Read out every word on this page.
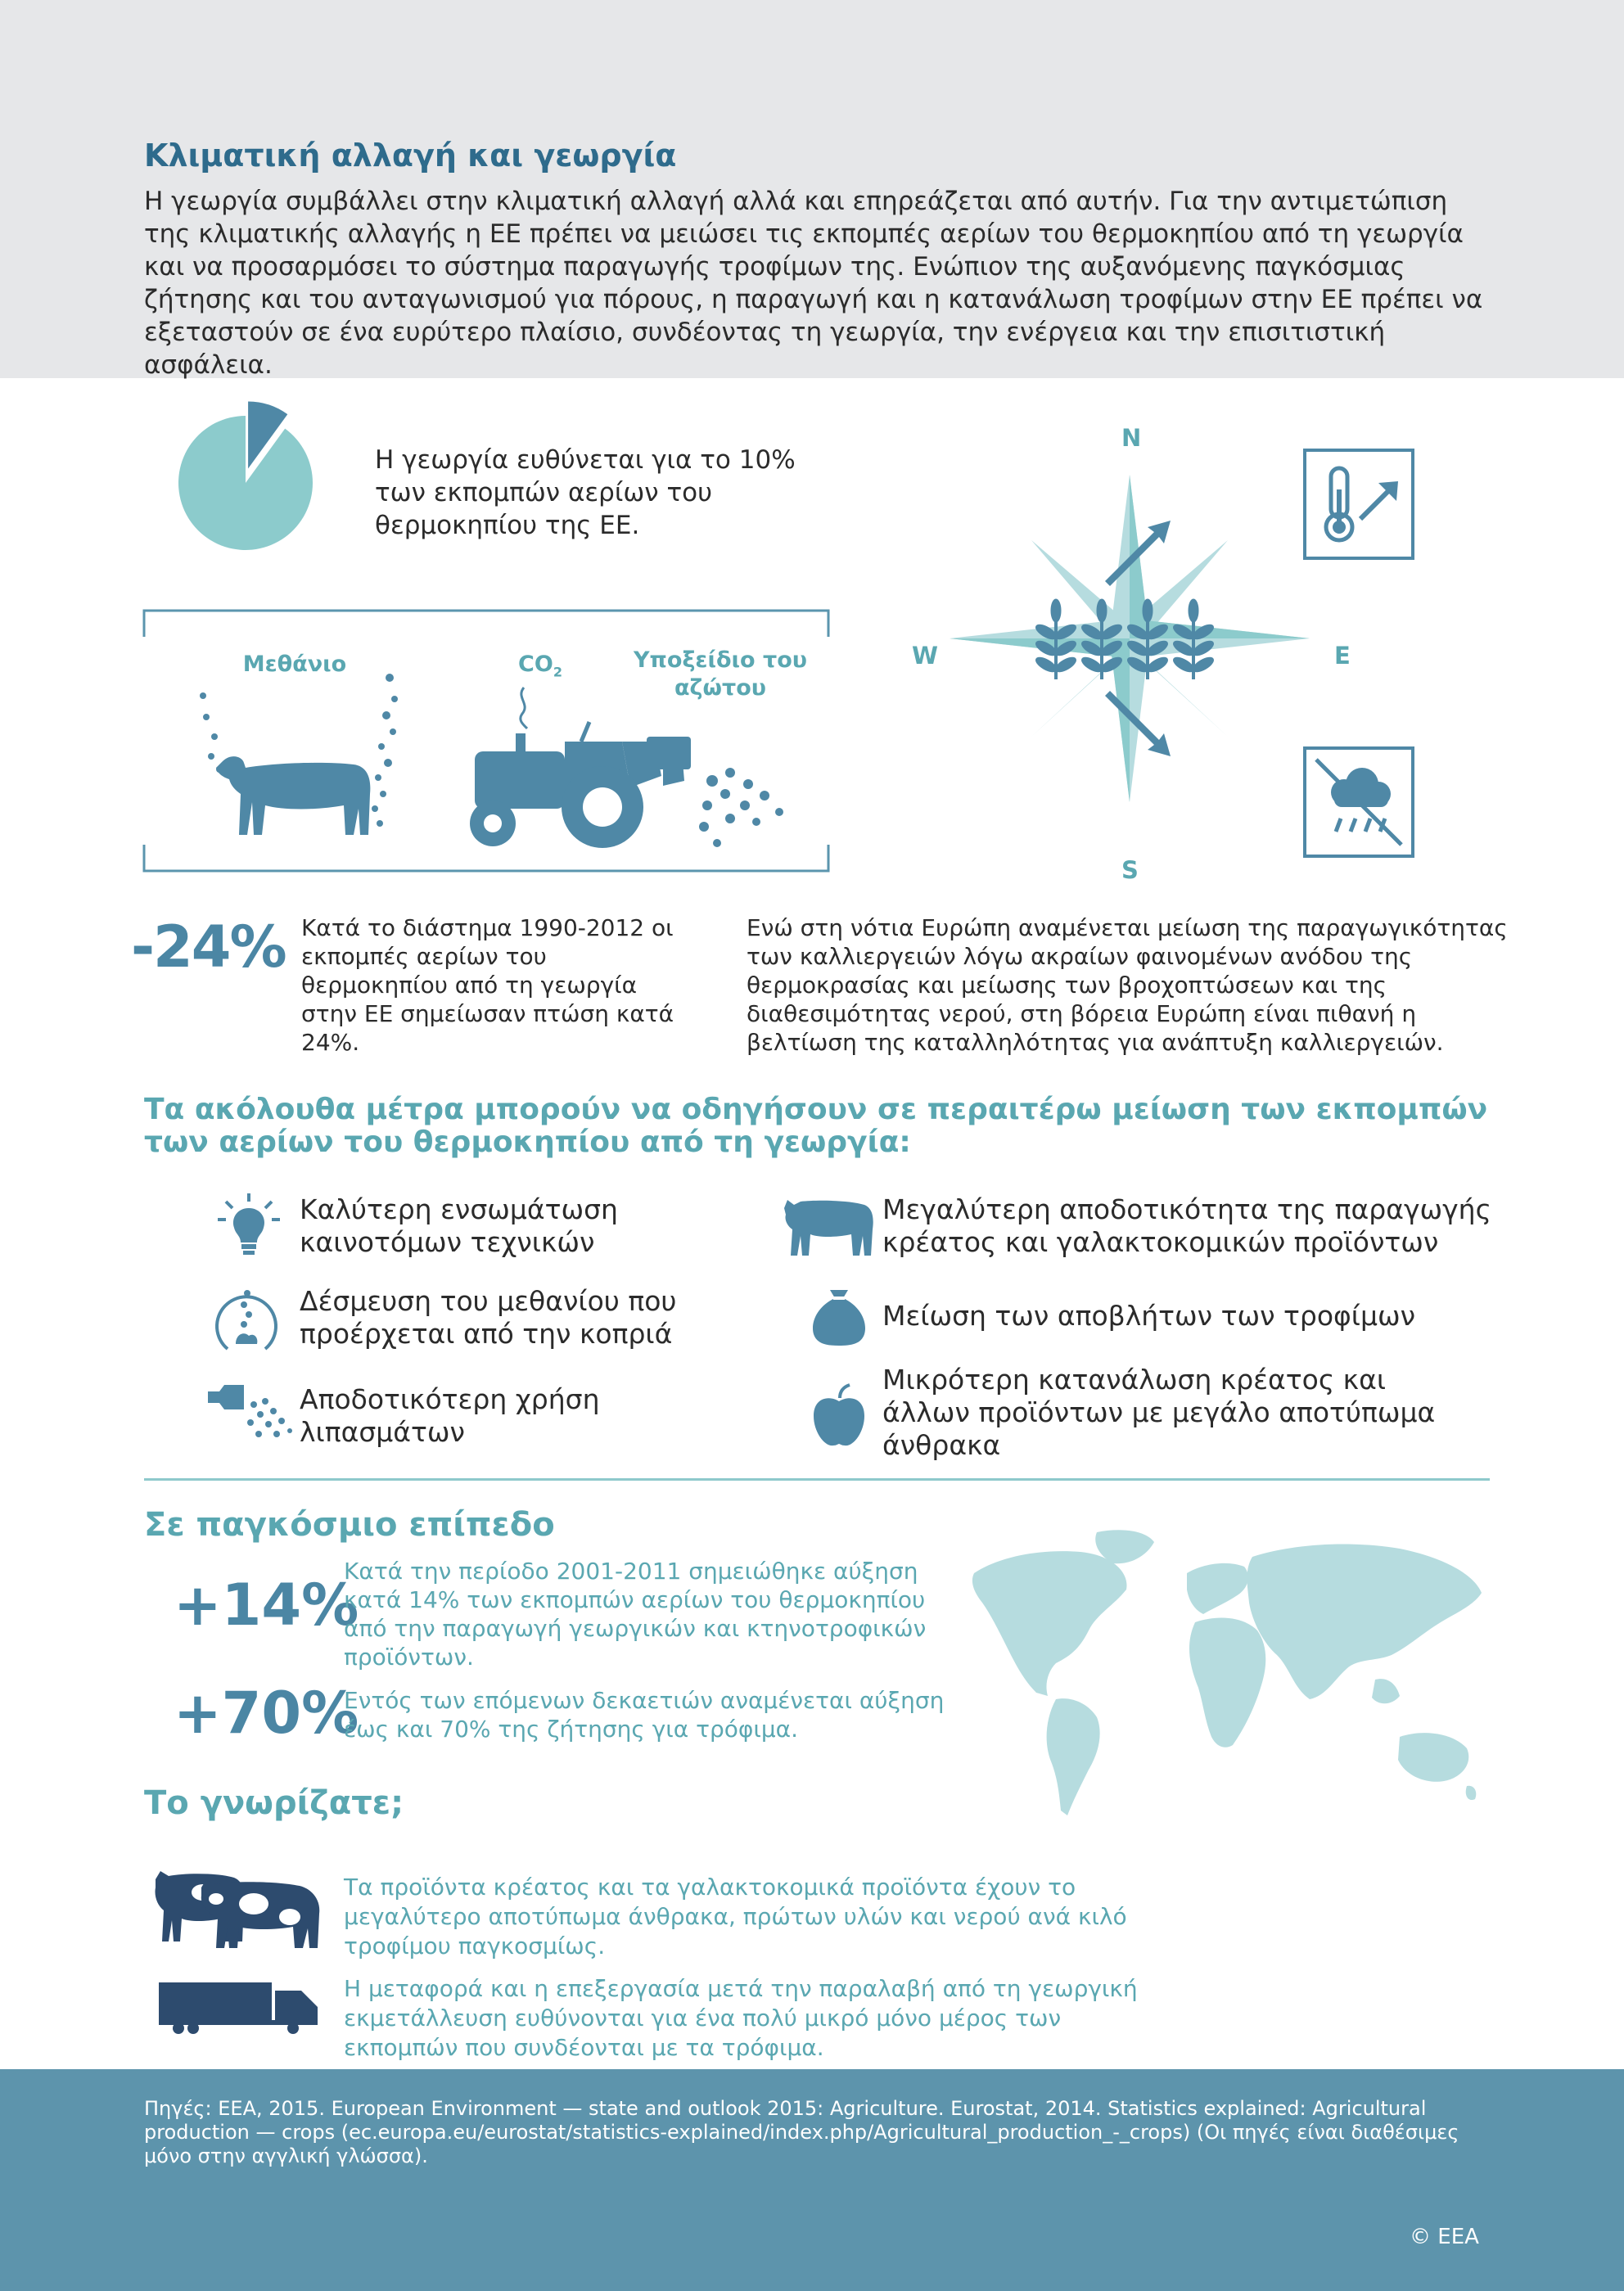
Κλιματική αλλαγή και γεωργία
Η γεωργία συμβάλλει στην κλιματική αλλαγή αλλά και επηρεάζεται από αυτήν. Για την αντιμετώπιση της κλιματικής αλλαγής η ΕΕ πρέπει να μειώσει τις εκπομπές αερίων του θερμοκηπίου από τη γεωργία και να προσαρμόσει το σύστημα παραγωγής τροφίμων της. Ενώπιον της αυξανόμενης παγκόσμιας ζήτησης και του ανταγωνισμού για πόρους, η παραγωγή και η κατανάλωση τροφίμων στην ΕΕ πρέπει να εξεταστούν σε ένα ευρύτερο πλαίσιο, συνδέοντας τη γεωργία, την ενέργεια και την επισιτιστική ασφάλεια.
Η γεωργία ευθύνεται για το 10% των εκπομπών αερίων του θερμοκηπίου της ΕΕ.
Μεθάνιο	$CO_2$	Υποξείδιο του
αζώτου
N
S
W	E
-24% Κατά το διάστημα 1990-2012 οι εκπομπές αερίων του θερμοκηπίου από τη γεωργία στην ΕΕ σημείωσαν πτώση κατά 24%.
Ενώ στη νότια Ευρώπη αναμένεται μείωση της παραγωγικότητας των καλλιεργειών λόγω ακραίων φαινομένων ανόδου της θερμοκρασίας και μείωσης των βροχοπτώσεων και της διαθεσιμότητας νερού, στη βόρεια Ευρώπη είναι πιθανή η βελτίωση της καταλληλότητας για ανάπτυξη καλλιεργειών.
Τα ακόλουθα μέτρα μπορούν να οδηγήσουν σε περαιτέρω μείωση των εκπομπών των αερίων του θερμοκηπίου από τη γεωργία:
Καλύτερη ενσωμάτωση
καινοτόμων τεχνικών
Μεγαλύτερη αποδοτικότητα της παραγωγής
κρέατος και γαλακτοκομικών προϊόντων
Δέσμευση του μεθανίου που
προέρχεται από την κοπριά
Μείωση των αποβλήτων των τροφίμων
Αποδοτικότερη χρήση
λιπασμάτων
Μικρότερη κατανάλωση κρέατος και
άλλων προϊόντων με μεγάλο αποτύπωμα
άνθρακα
Σε παγκόσμιο επίπεδο
+14%
Κατά την περίοδο 2001-2011 σημειώθηκε αύξηση κατά 14% των εκπομπών αερίων του θερμοκηπίου από την παραγωγή γεωργικών και κτηνοτροφικών προϊόντων.
+70%
Εντός των επόμενων δεκαετιών αναμένεται αύξηση έως και 70% της ζήτησης για τρόφιμα.
Το γνωρίζατε;
Τα προϊόντα κρέατος και τα γαλακτοκομικά προϊόντα έχουν το μεγαλύτερο αποτύπωμα άνθρακα, πρώτων υλών και νερού ανά κιλό τροφίμου παγκοσμίως.
Η μεταφορά και η επεξεργασία μετά την παραλαβή από τη γεωργική εκμετάλλευση ευθύνονται για ένα πολύ μικρό μόνο μέρος των εκπομπών που συνδέονται με τα τρόφιμα.
Πηγές: EEA, 2015. European Environment — state and outlook 2015: Agriculture. Eurostat, 2014. Statistics explained: Agricultural production — crops (ec.europa.eu/eurostat/statistics-explained/index.php/Agricultural_production_-_crops) (Οι πηγές είναι διαθέσιμες μόνο στην αγγλική γλώσσα).
© EEA
